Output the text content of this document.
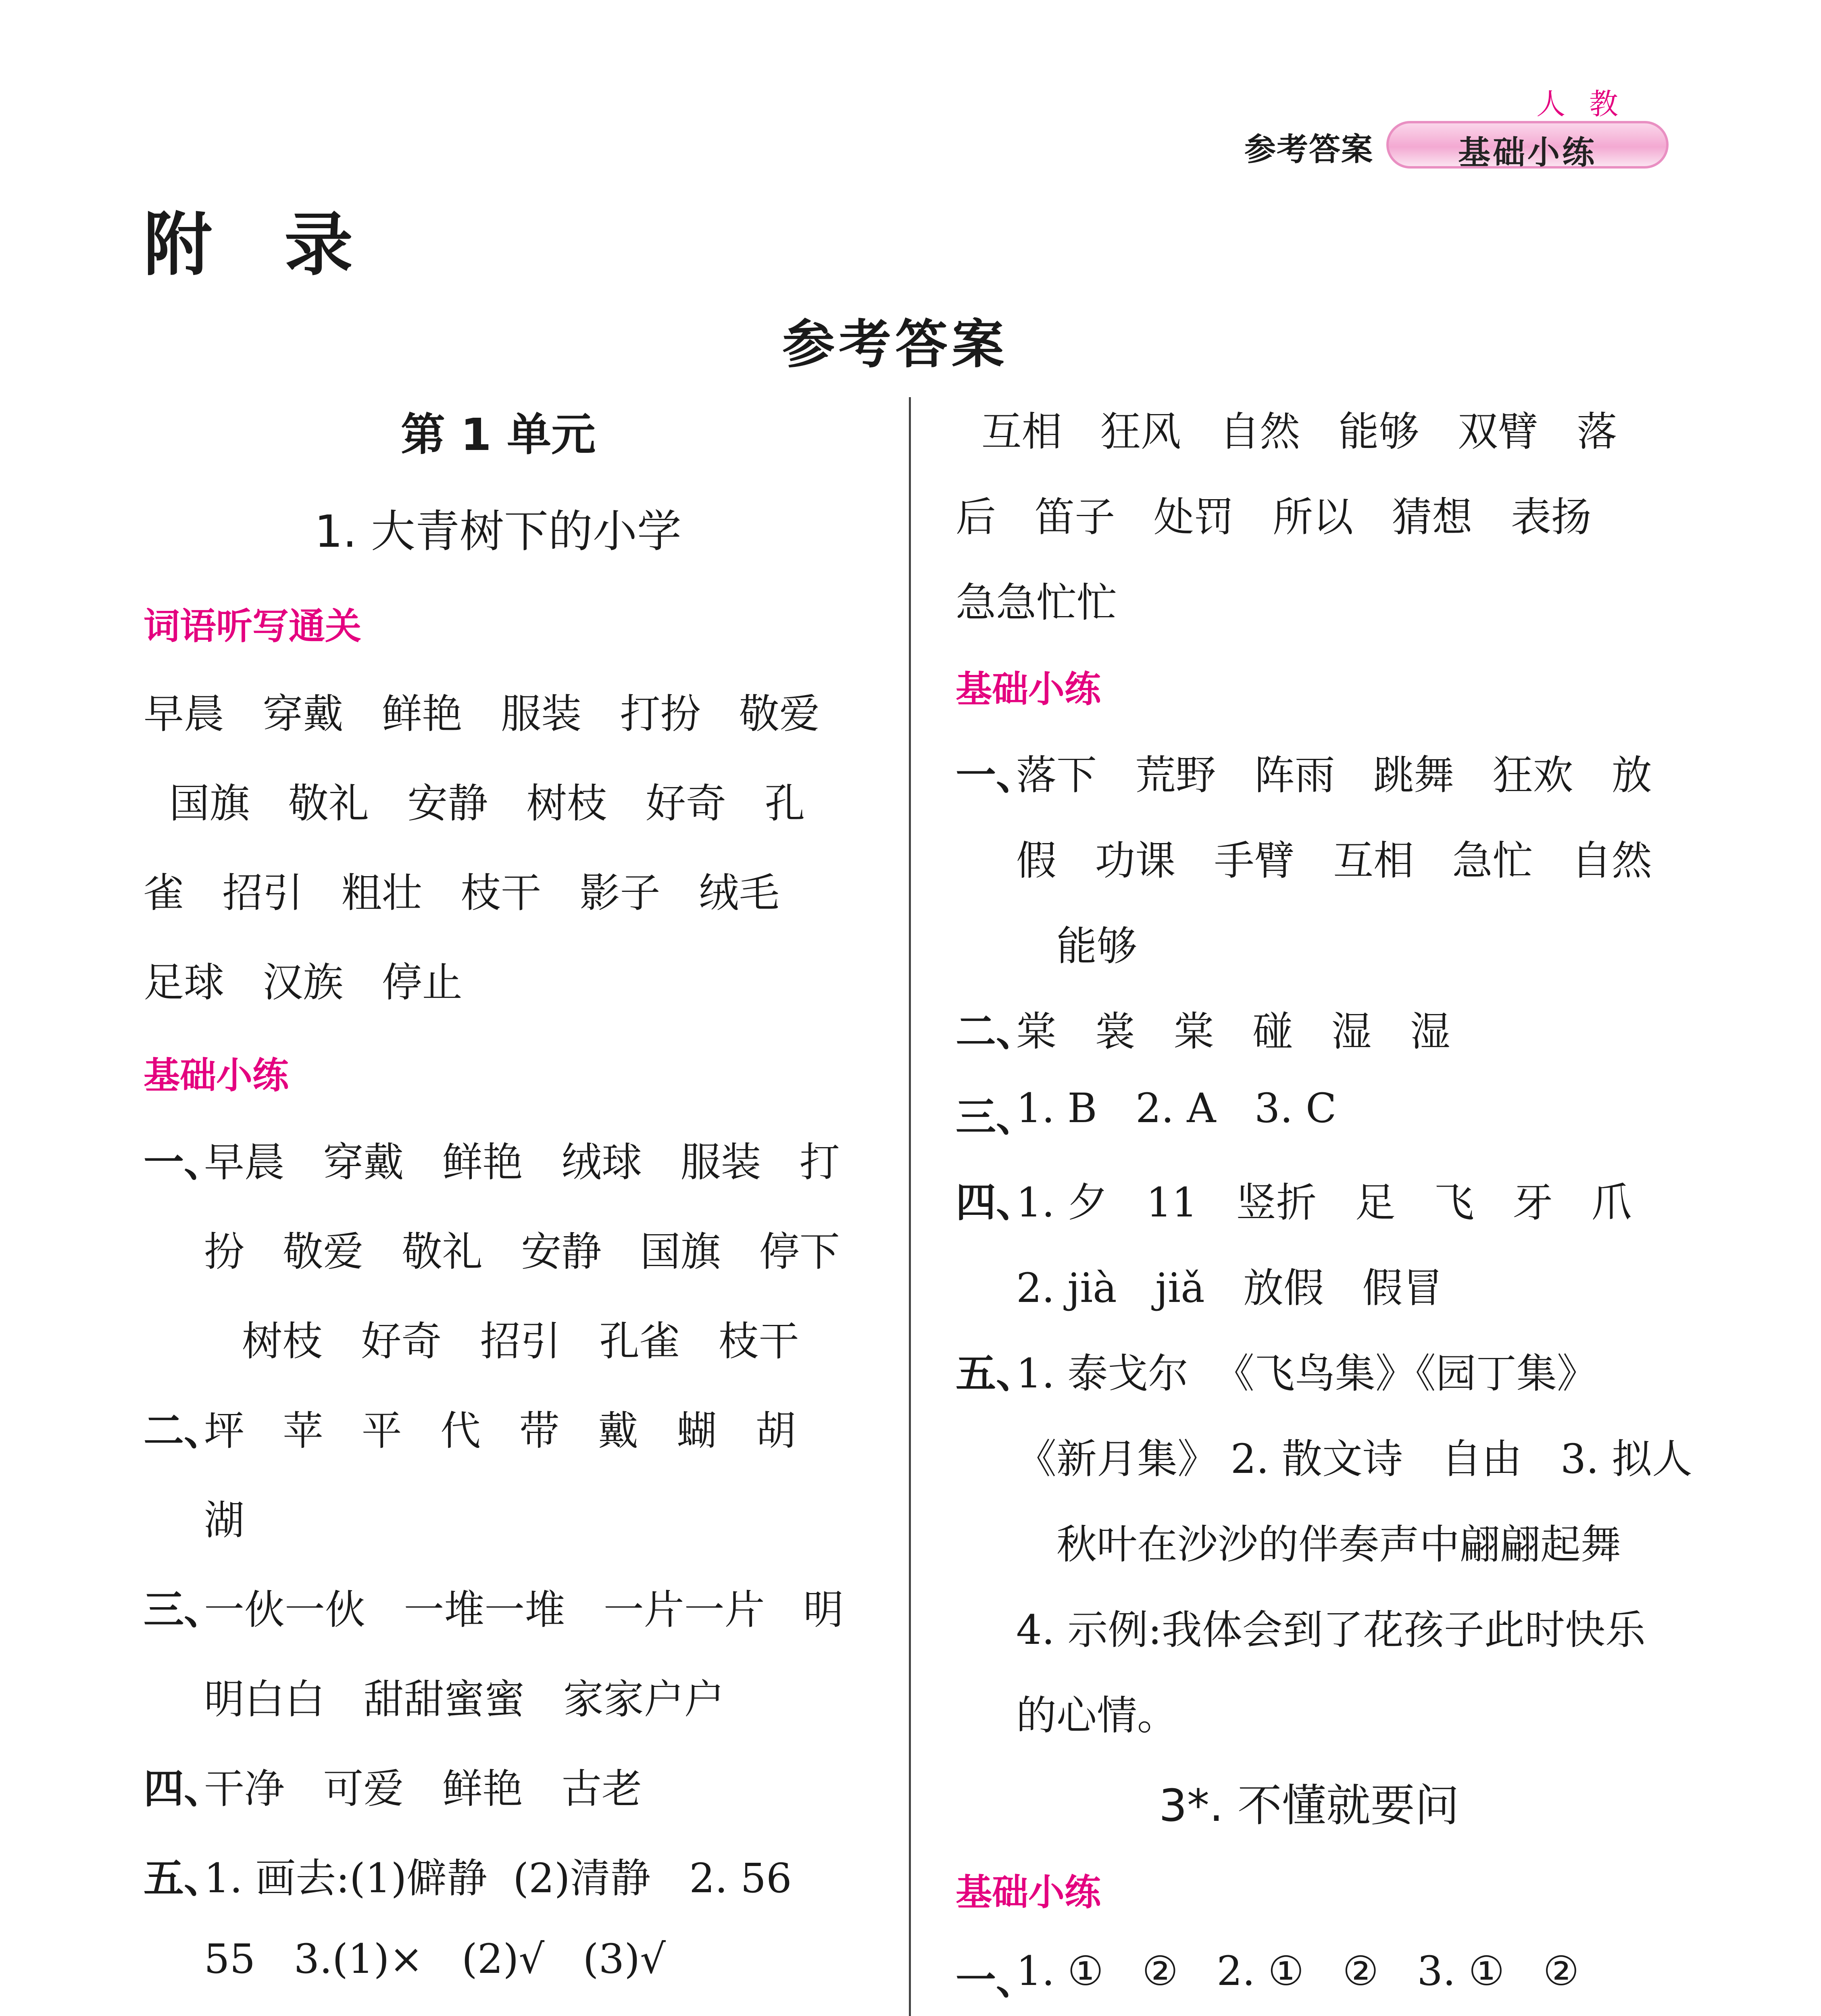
参考答案
人 教
基础小练
附 录
参考答案
第 1 单元
1. 大青树下的小学
词语听写通关
早晨   穿戴   鲜艳   服装   打扮   敬爱
国旗   敬礼   安静   树枝   好奇   孔
雀   招引   粗壮   枝干   影子   绒毛
足球   汉族   停止
基础小练
一、
早晨   穿戴   鲜艳   绒球   服装   打
扮   敬爱   敬礼   安静   国旗   停下
树枝   好奇   招引   孔雀   枝干
二、
坪   苹   平   代   带   戴   蝴   胡
湖
三、
一伙一伙   一堆一堆   一片一片   明
明白白   甜甜蜜蜜   家家户户
四、
干净   可爱   鲜艳   古老
五、
1. 画去:(1)僻静  (2)清静   2. 56
55   3.(1)×   (2)√   (3)√
互相   狂风   自然   能够   双臂   落
后   笛子   处罚   所以   猜想   表扬
急急忙忙
基础小练
一、
落下   荒野   阵雨   跳舞   狂欢   放
假   功课   手臂   互相   急忙   自然
能够
二、
棠   裳   棠   碰   湿   湿
三、
1. B   2. A   3. C
四、
1. 夕   11   竖折   足   飞   牙   爪
2. jià   jiǎ   放假   假冒
五、
1. 泰戈尔  《飞鸟集》《园丁集》
《新月集》 2. 散文诗   自由   3. 拟人
秋叶在沙沙的伴奏声中翩翩起舞
4. 示例:我体会到了花孩子此时快乐
的心情。
3*. 不懂就要问
基础小练
一、
1. ①   ②   2. ①   ②   3. ①   ②
